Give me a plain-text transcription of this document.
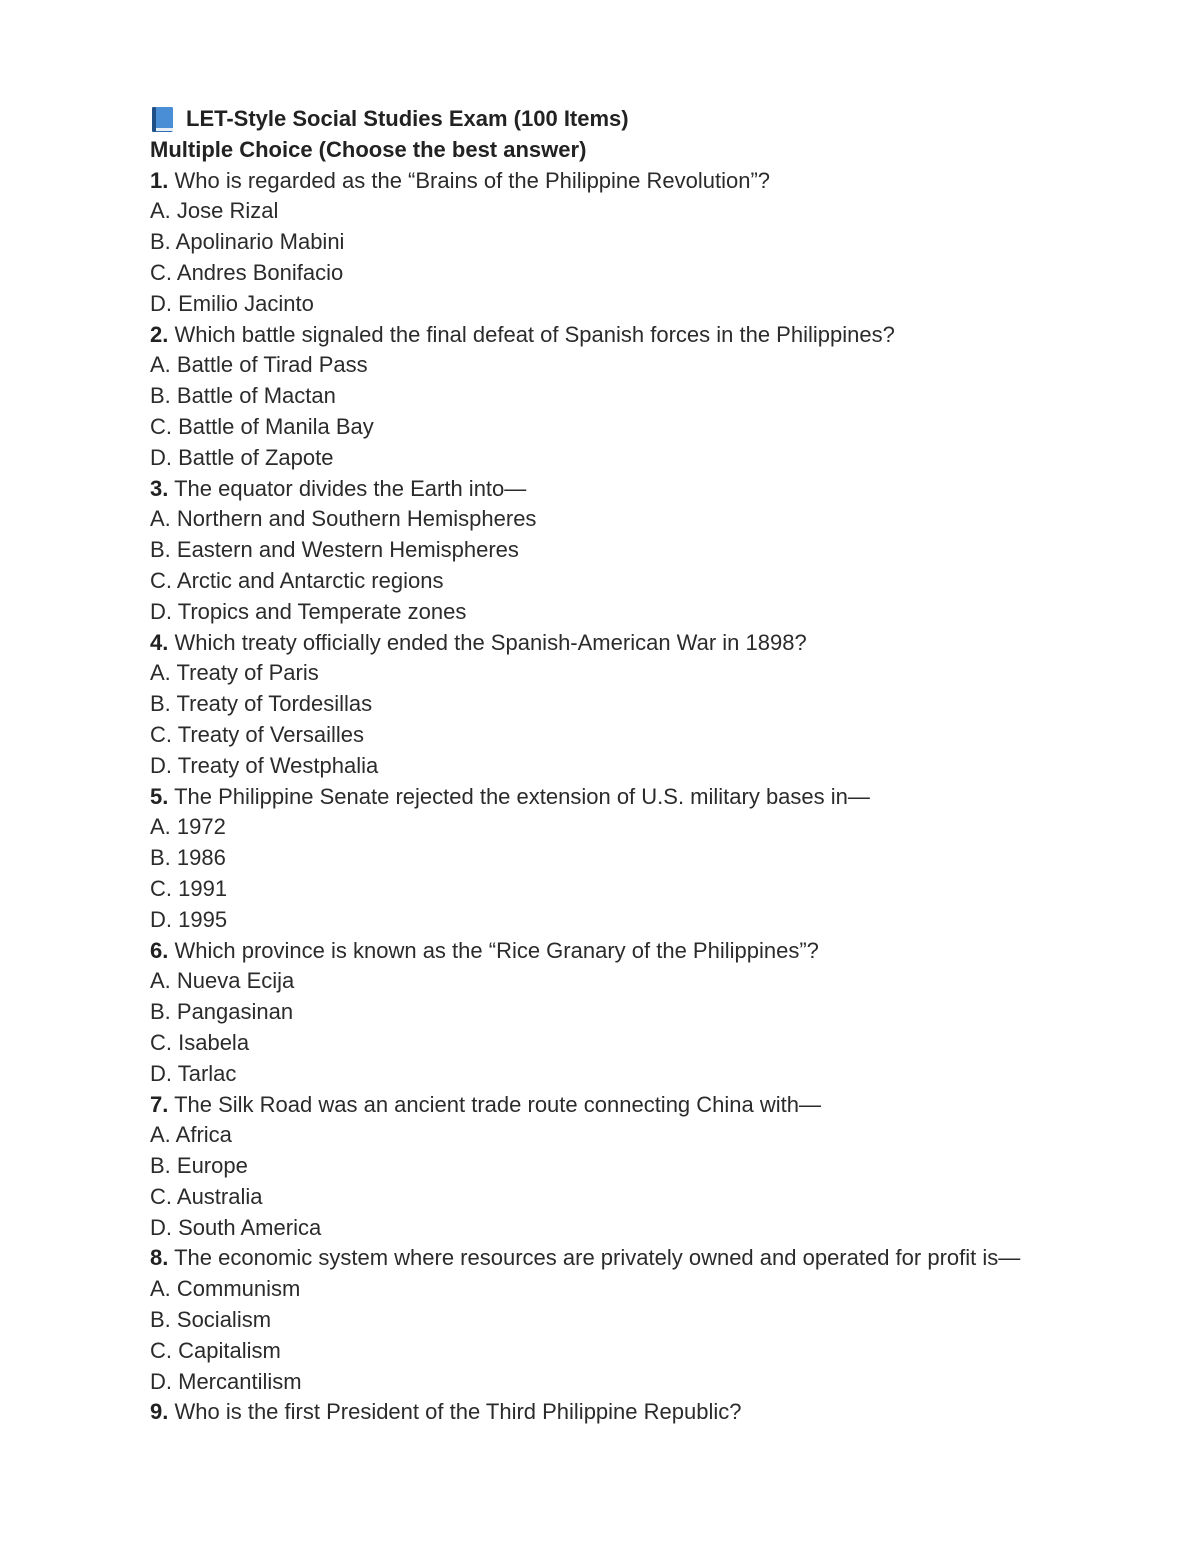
LET-Style Social Studies Exam (100 Items)
Multiple Choice (Choose the best answer)
1. Who is regarded as the “Brains of the Philippine Revolution”?
A. Jose Rizal
B. Apolinario Mabini
C. Andres Bonifacio
D. Emilio Jacinto
2. Which battle signaled the final defeat of Spanish forces in the Philippines?
A. Battle of Tirad Pass
B. Battle of Mactan
C. Battle of Manila Bay
D. Battle of Zapote
3. The equator divides the Earth into—
A. Northern and Southern Hemispheres
B. Eastern and Western Hemispheres
C. Arctic and Antarctic regions
D. Tropics and Temperate zones
4. Which treaty officially ended the Spanish-American War in 1898?
A. Treaty of Paris
B. Treaty of Tordesillas
C. Treaty of Versailles
D. Treaty of Westphalia
5. The Philippine Senate rejected the extension of U.S. military bases in—
A. 1972
B. 1986
C. 1991
D. 1995
6. Which province is known as the “Rice Granary of the Philippines”?
A. Nueva Ecija
B. Pangasinan
C. Isabela
D. Tarlac
7. The Silk Road was an ancient trade route connecting China with—
A. Africa
B. Europe
C. Australia
D. South America
8. The economic system where resources are privately owned and operated for profit is—
A. Communism
B. Socialism
C. Capitalism
D. Mercantilism
9. Who is the first President of the Third Philippine Republic?
